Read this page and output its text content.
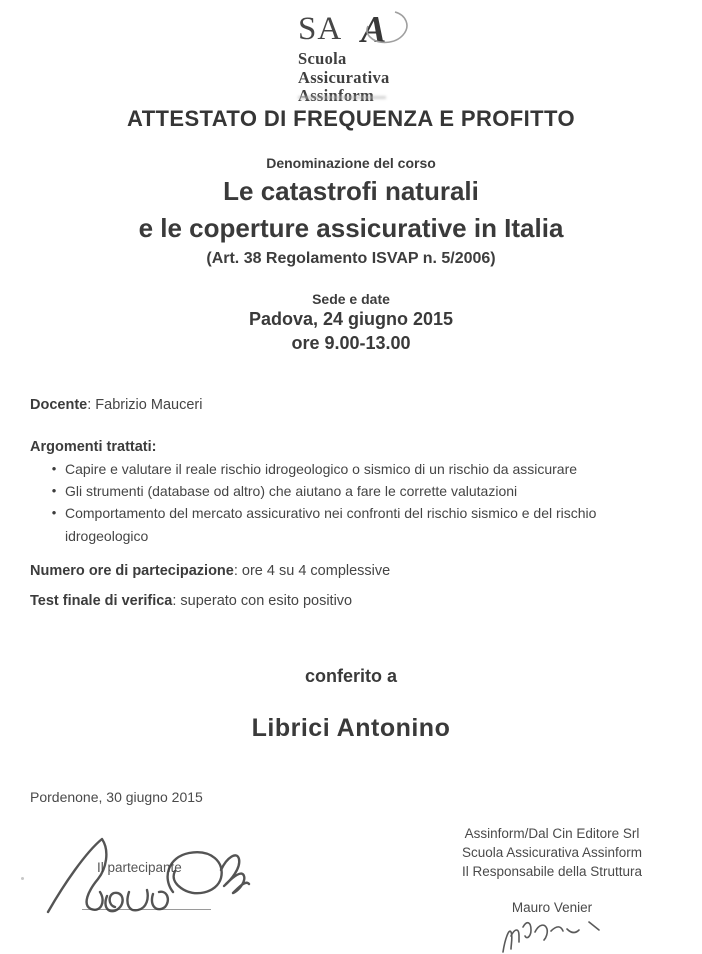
SA A
Scuola
Assicurativa
ATTESTATO DI FREQUENZA E PROFITTO
Denominazione del corso
Le catastrofi naturali
e le coperture assicurative in Italia
(Art. 38 Regolamento ISVAP n. 5/2006)
Sede e date
Padova, 24 giugno 2015
ore 9.00-13.00
Docente: Fabrizio Mauceri
Argomenti trattati:
• Capire e valutare il reale rischio idrogeologico o sismico di un rischio da assicurare
• Gli strumenti (database od altro) che aiutano a fare le corrette valutazioni
• Comportamento del mercato assicurativo nei confronti del rischio sismico e del rischio idrogeologico
Numero ore di partecipazione: ore 4 su 4 complessive
Test finale di verifica: superato con esito positivo
conferito a
Librici Antonino
Pordenone, 30 giugno 2015
Il partecipante
Assinform/Dal Cin Editore Srl
Scuola Assicurativa Assinform
Il Responsabile della Struttura
Mauro Venier
